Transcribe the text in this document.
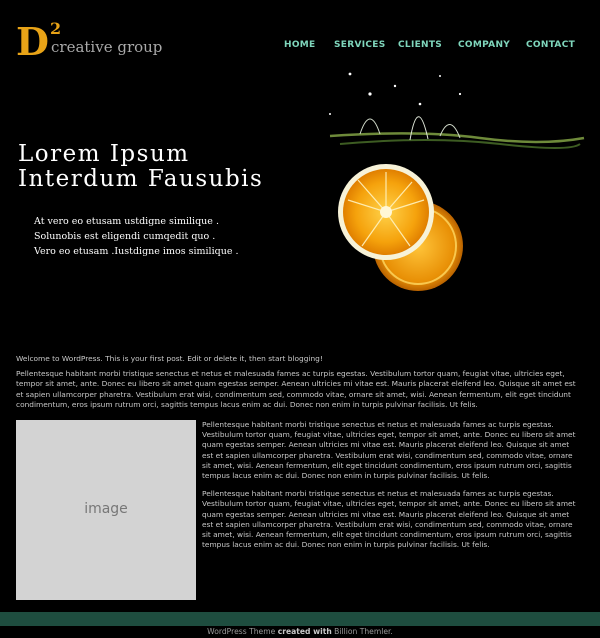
D 2
creative group	HOME SERVICES CLIENTS COMPANY CONTACT
Lorem Ipsum
Interdum Fausubis
At vero eo etusam ustdigne similique .
Solunobis est eligendi cumqedit quo .
Vero eo etusam .Iustdigne imos similique .

Welcome to WordPress. This is your first post. Edit or delete it, then start blogging!

Pellentesque habitant morbi tristique senectus et netus et malesuada fames ac turpis egestas. Vestibulum tortor quam, feugiat vitae, ultricies eget, tempor sit amet, ante. Donec eu libero sit amet quam egestas semper. Aenean ultricies mi vitae est. Mauris placerat eleifend leo. Quisque sit amet est et sapien ullamcorper pharetra. Vestibulum erat wisi, condimentum sed, commodo vitae, ornare sit amet, wisi. Aenean fermentum, elit eget tincidunt condimentum, eros ipsum rutrum orci, sagittis tempus lacus enim ac dui. Donec non enim in turpis pulvinar facilisis. Ut felis.

image

Pellentesque habitant morbi tristique senectus et netus et malesuada fames ac turpis egestas. Vestibulum tortor quam, feugiat vitae, ultricies eget, tempor sit amet, ante. Donec eu libero sit amet quam egestas semper. Aenean ultricies mi vitae est. Mauris placerat eleifend leo. Quisque sit amet est et sapien ullamcorper pharetra. Vestibulum erat wisi, condimentum sed, commodo vitae, ornare sit amet, wisi. Aenean fermentum, elit eget tincidunt condimentum, eros ipsum rutrum orci, sagittis tempus lacus enim ac dui. Donec non enim in turpis pulvinar facilisis. Ut felis.

Pellentesque habitant morbi tristique senectus et netus et malesuada fames ac turpis egestas. Vestibulum tortor quam, feugiat vitae, ultricies eget, tempor sit amet, ante. Donec eu libero sit amet quam egestas semper. Aenean ultricies mi vitae est. Mauris placerat eleifend leo. Quisque sit amet est et sapien ullamcorper pharetra. Vestibulum erat wisi, condimentum sed, commodo vitae, ornare sit amet, wisi. Aenean fermentum, elit eget tincidunt condimentum, eros ipsum rutrum orci, sagittis tempus lacus enim ac dui. Donec non enim in turpis pulvinar facilisis. Ut felis.

WordPress Theme created with Billion Themler.
